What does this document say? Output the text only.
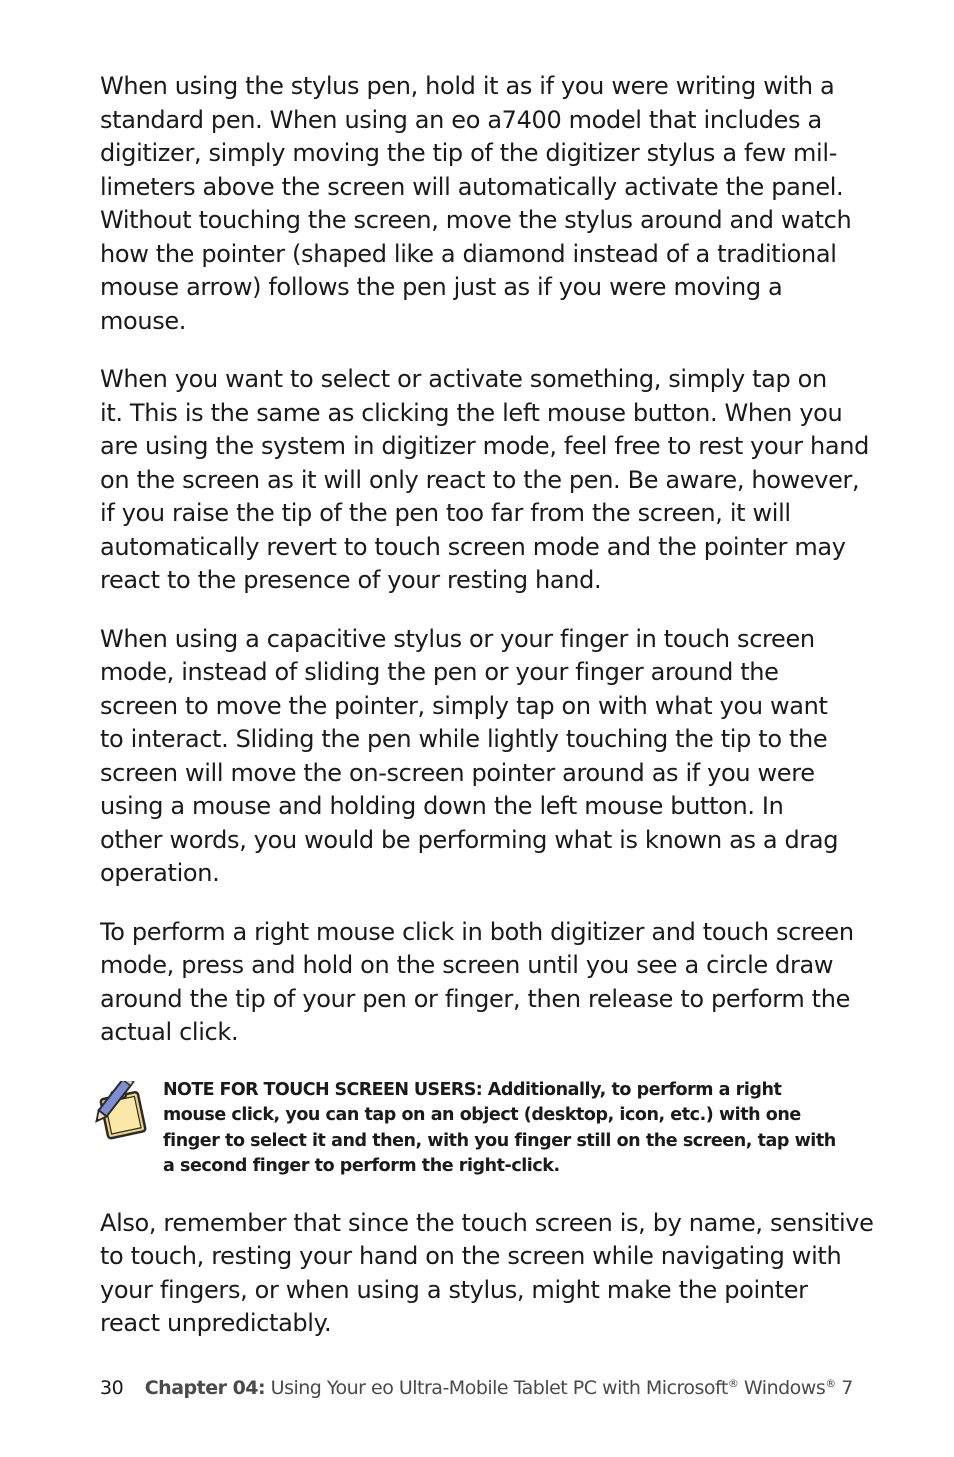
When using the stylus pen, hold it as if you were writing with a
standard pen. When using an eo a7400 model that includes a
digitizer, simply moving the tip of the digitizer stylus a few mil-
limeters above the screen will automatically activate the panel.
Without touching the screen, move the stylus around and watch
how the pointer (shaped like a diamond instead of a traditional
mouse arrow) follows the pen just as if you were moving a
mouse.

When you want to select or activate something, simply tap on
it. This is the same as clicking the left mouse button. When you
are using the system in digitizer mode, feel free to rest your hand
on the screen as it will only react to the pen. Be aware, however,
if you raise the tip of the pen too far from the screen, it will
automatically revert to touch screen mode and the pointer may
react to the presence of your resting hand.

When using a capacitive stylus or your finger in touch screen
mode, instead of sliding the pen or your finger around the
screen to move the pointer, simply tap on with what you want
to interact. Sliding the pen while lightly touching the tip to the
screen will move the on-screen pointer around as if you were
using a mouse and holding down the left mouse button. In
other words, you would be performing what is known as a drag
operation.

To perform a right mouse click in both digitizer and touch screen
mode, press and hold on the screen until you see a circle draw
around the tip of your pen or finger, then release to perform the
actual click.

NOTE FOR TOUCH SCREEN USERS: Additionally, to perform a right
mouse click, you can tap on an object (desktop, icon, etc.) with one
finger to select it and then, with you finger still on the screen, tap with
a second finger to perform the right-click.

Also, remember that since the touch screen is, by name, sensitive
to touch, resting your hand on the screen while navigating with
your fingers, or when using a stylus, might make the pointer
react unpredictably.

30 Chapter 04: Using Your eo Ultra-Mobile Tablet PC with Microsoft® Windows® 7
